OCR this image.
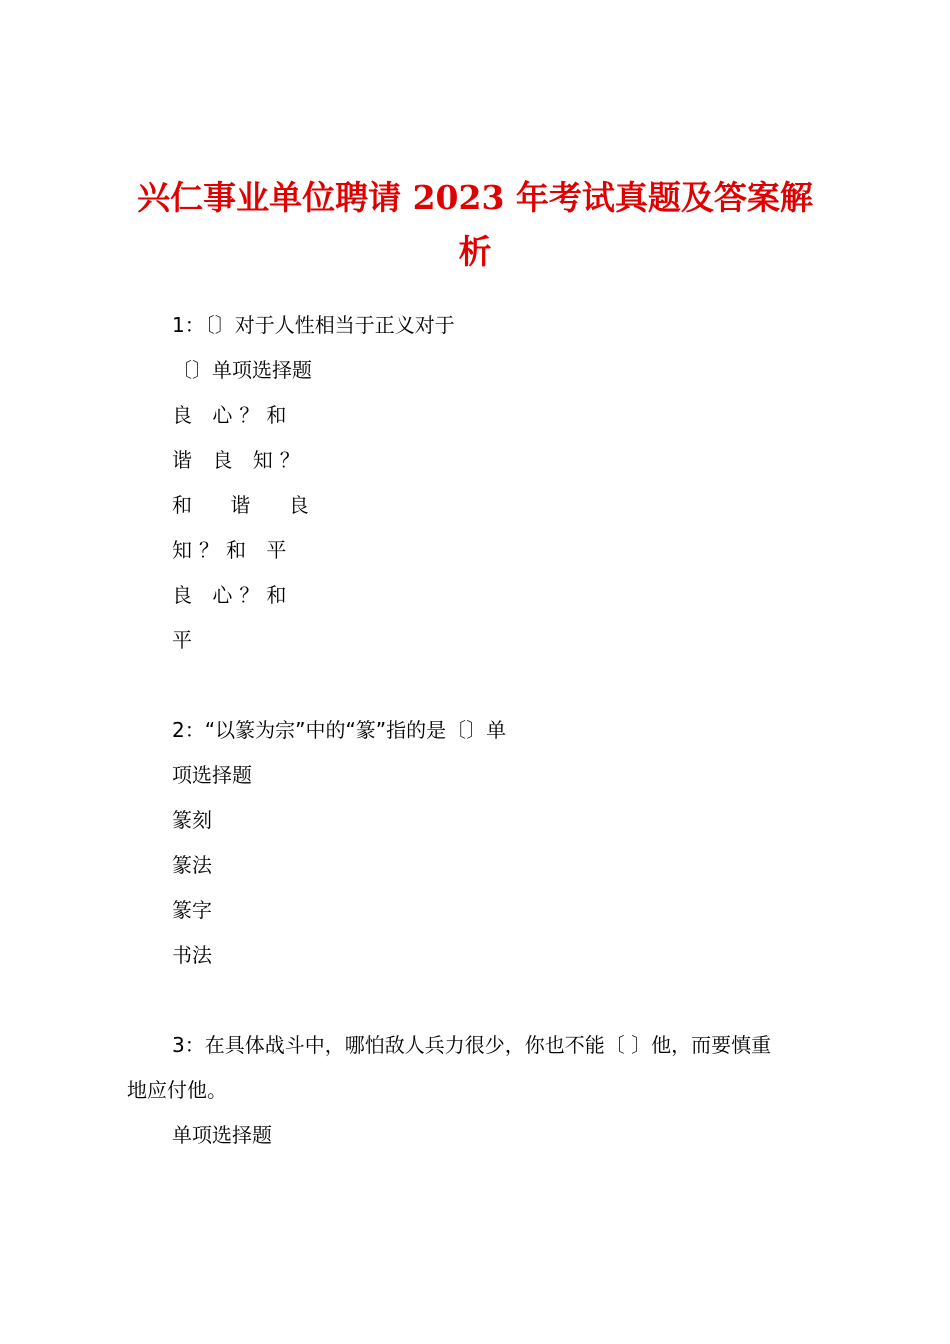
兴仁事业单位聘请 2023 年考试真题及答案解
析

1：〔〕对于人性相当于正义对于

〔〕单项选择题

良 心？和

谐 良 知？

和 谐 良

知？和 平

良 心？和

平

2：“以篆为宗”中的“篆”指的是〔〕单

项选择题

篆刻

篆法

篆字

书法

3：在具体战斗中，哪怕敌人兵力很少，你也不能〔 〕他，而要慎重

地应付他。

单项选择题
